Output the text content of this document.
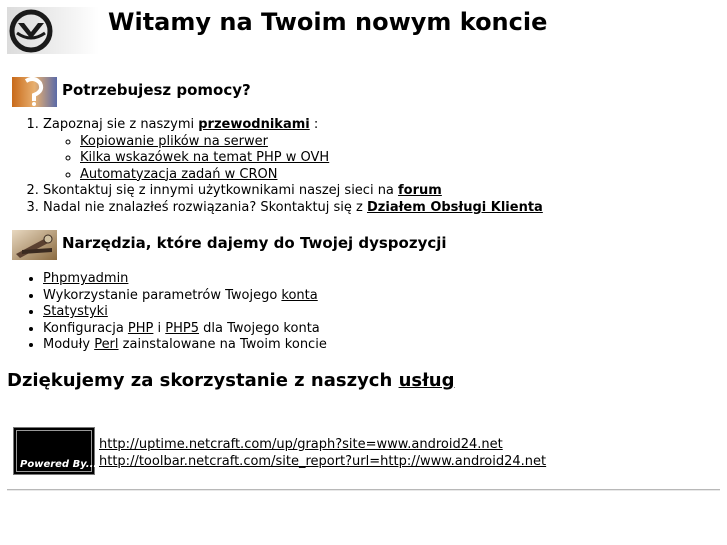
Witamy na Twoim nowym koncie
Potrzebujesz pomocy?
1. Zapoznaj sie z naszymi przewodnikami :
◦ Kopiowanie plików na serwer
◦ Kilka wskazówek na temat PHP w OVH
◦ Automatyzacja zadań w CRON
2. Skontaktuj się z innymi użytkownikami naszej sieci na forum
3. Nadal nie znalazłeś rozwiązania? Skontaktuj się z Działem Obsługi Klienta
Narzędzia, które dajemy do Twojej dyspozycji
• Phpmyadmin
• Wykorzystanie parametrów Twojego konta
• Statystyki
• Konfiguracja PHP i PHP5 dla Twojego konta
• Moduły Perl zainstalowane na Twoim koncie
Dziękujemy za skorzystanie z naszych usług
Powered By...
http://uptime.netcraft.com/up/graph?site=www.android24.net
http://toolbar.netcraft.com/site_report?url=http://www.android24.net
